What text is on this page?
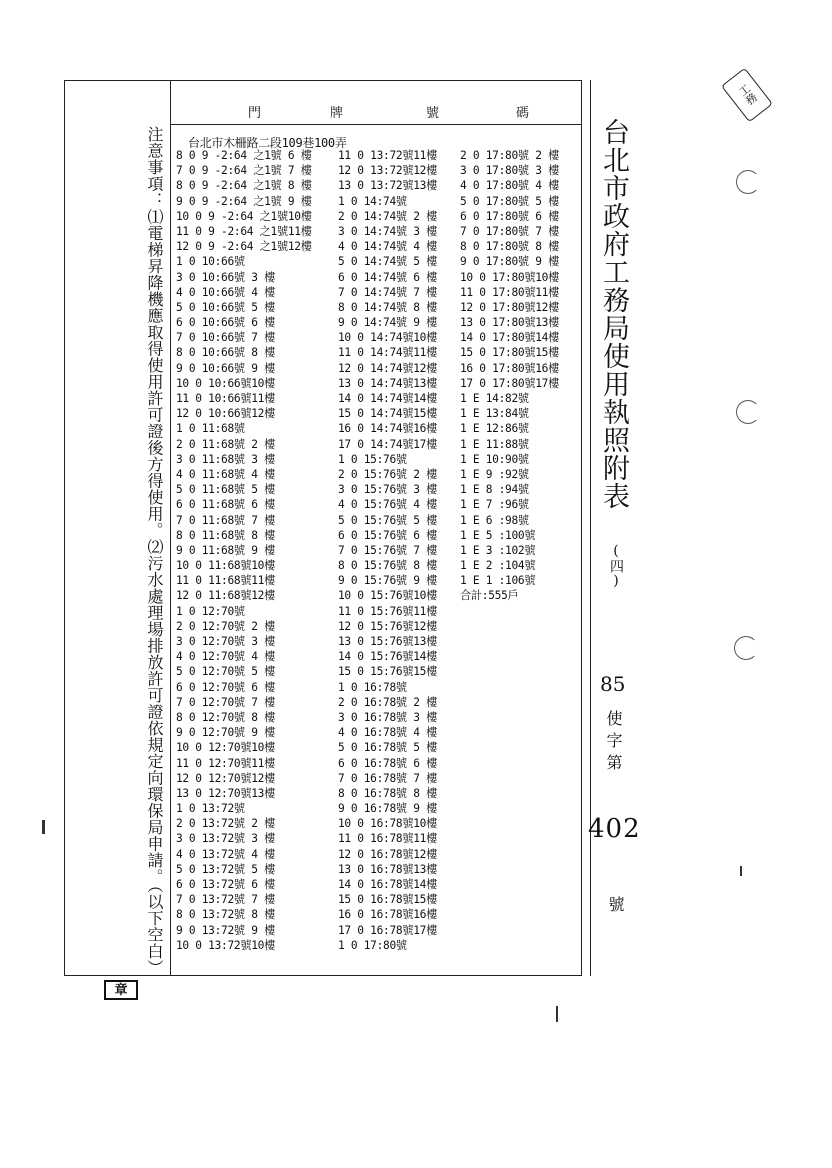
門	牌	號	碼
台北市政府工務局使用執照附表
(四)
85
使字第
402
號
注意事項：⑴電梯昇降機應取得使用許可證後方得使用。⑵污水處理場排放許可證依規定向環保局申請。（以下空白） 台北市木柵路二段109巷100弄
8 0 9 -2:64 之1號 6 樓
7 0 9 -2:64 之1號 7 樓
8 0 9 -2:64 之1號 8 樓
9 0 9 -2:64 之1號 9 樓
10 0 9 -2:64 之1號10樓
11 0 9 -2:64 之1號11樓
12 0 9 -2:64 之1號12樓
1 0 10:66號
3 0 10:66號 3 樓
4 0 10:66號 4 樓
5 0 10:66號 5 樓
6 0 10:66號 6 樓
7 0 10:66號 7 樓
8 0 10:66號 8 樓
9 0 10:66號 9 樓
10 0 10:66號10樓
11 0 10:66號11樓
12 0 10:66號12樓
1 0 11:68號
2 0 11:68號 2 樓
3 0 11:68號 3 樓
4 0 11:68號 4 樓
5 0 11:68號 5 樓
6 0 11:68號 6 樓
7 0 11:68號 7 樓
8 0 11:68號 8 樓
9 0 11:68號 9 樓
10 0 11:68號10樓
11 0 11:68號11樓
12 0 11:68號12樓
1 0 12:70號
2 0 12:70號 2 樓
3 0 12:70號 3 樓
4 0 12:70號 4 樓
5 0 12:70號 5 樓
6 0 12:70號 6 樓
7 0 12:70號 7 樓
8 0 12:70號 8 樓
9 0 12:70號 9 樓
10 0 12:70號10樓
11 0 12:70號11樓
12 0 12:70號12樓
13 0 12:70號13樓
1 0 13:72號
2 0 13:72號 2 樓
3 0 13:72號 3 樓
4 0 13:72號 4 樓
5 0 13:72號 5 樓
6 0 13:72號 6 樓
7 0 13:72號 7 樓
8 0 13:72號 8 樓
9 0 13:72號 9 樓
10 0 13:72號10樓
11 0 13:72號11樓
12 0 13:72號12樓
13 0 13:72號13樓
1 0 14:74號
2 0 14:74號 2 樓
3 0 14:74號 3 樓
4 0 14:74號 4 樓
5 0 14:74號 5 樓
6 0 14:74號 6 樓
7 0 14:74號 7 樓
8 0 14:74號 8 樓
9 0 14:74號 9 樓
10 0 14:74號10樓
11 0 14:74號11樓
12 0 14:74號12樓
13 0 14:74號13樓
14 0 14:74號14樓
15 0 14:74號15樓
16 0 14:74號16樓
17 0 14:74號17樓
1 0 15:76號
2 0 15:76號 2 樓
3 0 15:76號 3 樓
4 0 15:76號 4 樓
5 0 15:76號 5 樓
6 0 15:76號 6 樓
7 0 15:76號 7 樓
8 0 15:76號 8 樓
9 0 15:76號 9 樓
10 0 15:76號10樓
11 0 15:76號11樓
12 0 15:76號12樓
13 0 15:76號13樓
14 0 15:76號14樓
15 0 15:76號15樓
1 0 16:78號
2 0 16:78號 2 樓
3 0 16:78號 3 樓
4 0 16:78號 4 樓
5 0 16:78號 5 樓
6 0 16:78號 6 樓
7 0 16:78號 7 樓
8 0 16:78號 8 樓
9 0 16:78號 9 樓
10 0 16:78號10樓
11 0 16:78號11樓
12 0 16:78號12樓
13 0 16:78號13樓
14 0 16:78號14樓
15 0 16:78號15樓
16 0 16:78號16樓
17 0 16:78號17樓
1 0 17:80號
2 0 17:80號 2 樓
3 0 17:80號 3 樓
4 0 17:80號 4 樓
5 0 17:80號 5 樓
6 0 17:80號 6 樓
7 0 17:80號 7 樓
8 0 17:80號 8 樓
9 0 17:80號 9 樓
10 0 17:80號10樓
11 0 17:80號11樓
12 0 17:80號12樓
13 0 17:80號13樓
14 0 17:80號14樓
15 0 17:80號15樓
16 0 17:80號16樓
17 0 17:80號17樓
1 E 14:82號
1 E 13:84號
1 E 12:86號
1 E 11:88號
1 E 10:90號
1 E 9 :92號
1 E 8 :94號
1 E 7 :96號
1 E 6 :98號
1 E 5 :100號
1 E 3 :102號
1 E 2 :104號
1 E 1 :106號
合計:555戶
工務
章
